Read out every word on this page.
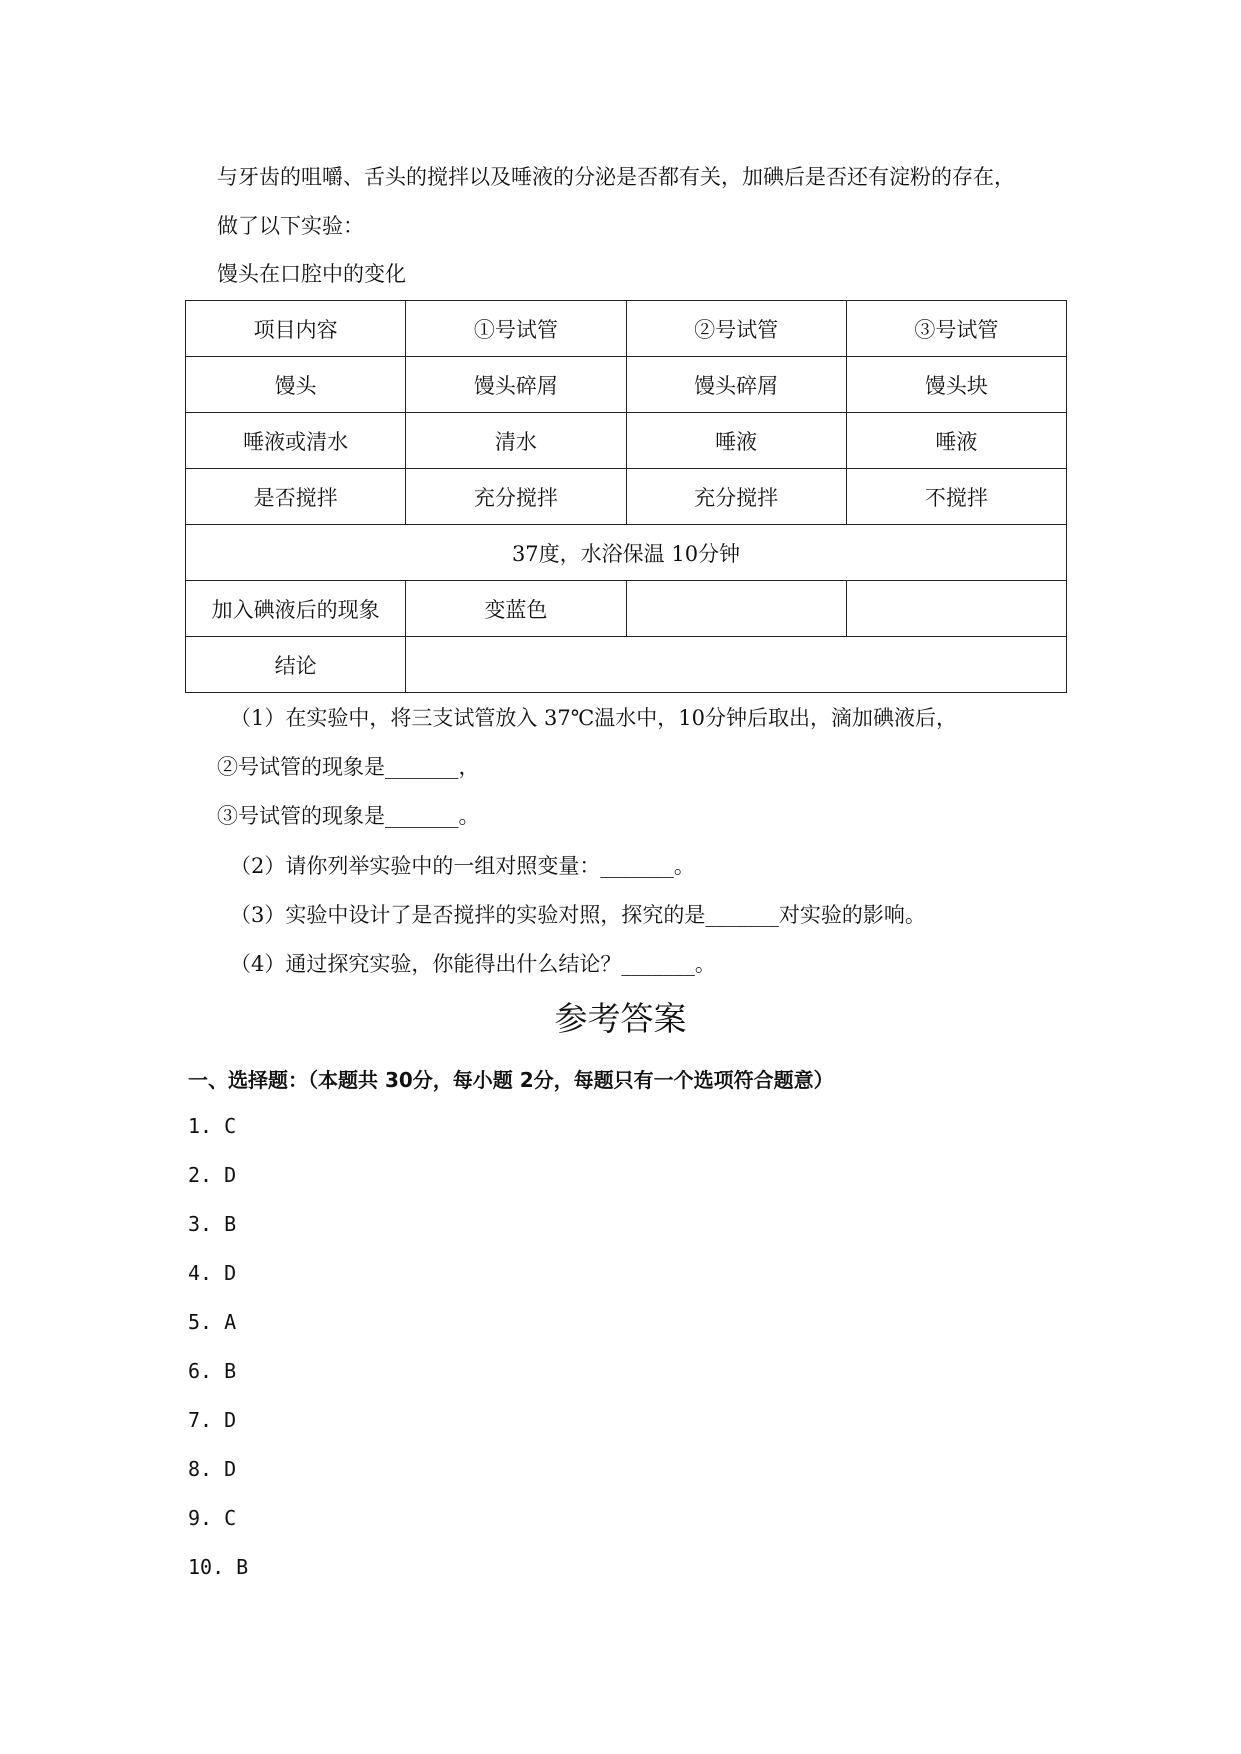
与牙齿的咀嚼、舌头的搅拌以及唾液的分泌是否都有关，加碘后是否还有淀粉的存在，
做了以下实验：
馒头在口腔中的变化
项目内容	①号试管	②号试管	③号试管
馒头	馒头碎屑	馒头碎屑	馒头块
唾液或清水	清水	唾液	唾液
是否搅拌	充分搅拌	充分搅拌	不搅拌
37度，水浴保温 10分钟			
加入碘液后的现象	变蓝色		
结论			
（1）在实验中，将三支试管放入 37℃温水中，10分钟后取出，滴加碘液后，
②号试管的现象是_______，
③号试管的现象是_______。
（2）请你列举实验中的一组对照变量：_______。
（3）实验中设计了是否搅拌的实验对照，探究的是_______对实验的影响。
（4）通过探究实验，你能得出什么结论？_______。
参考答案
一、选择题：（本题共 30分，每小题 2分，每题只有一个选项符合题意）
1. C
2. D
3. B
4. D
5. A
6. B
7. D
8. D
9. C
10. B
